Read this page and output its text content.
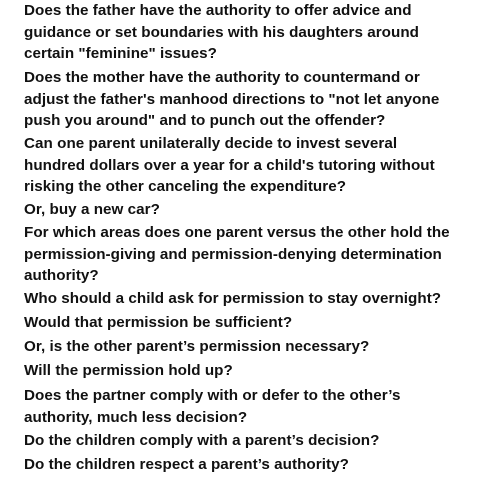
Does the father have the authority to offer advice and
guidance or set boundaries with his daughters around
certain "feminine" issues?

Does the mother have the authority to countermand or
adjust the father's manhood directions to "not let anyone
push you around" and to punch out the offender?

Can one parent unilaterally decide to invest several
hundred dollars over a year for a child's tutoring without
risking the other canceling the expenditure?

Or, buy a new car?

For which areas does one parent versus the other hold the
permission-giving and permission-denying determination
authority?

Who should a child ask for permission to stay overnight?

Would that permission be sufficient?

Or, is the other parent’s permission necessary?

Will the permission hold up?

Does the partner comply with or defer to the other’s
authority, much less decision?

Do the children comply with a parent’s decision?

Do the children respect a parent’s authority?
